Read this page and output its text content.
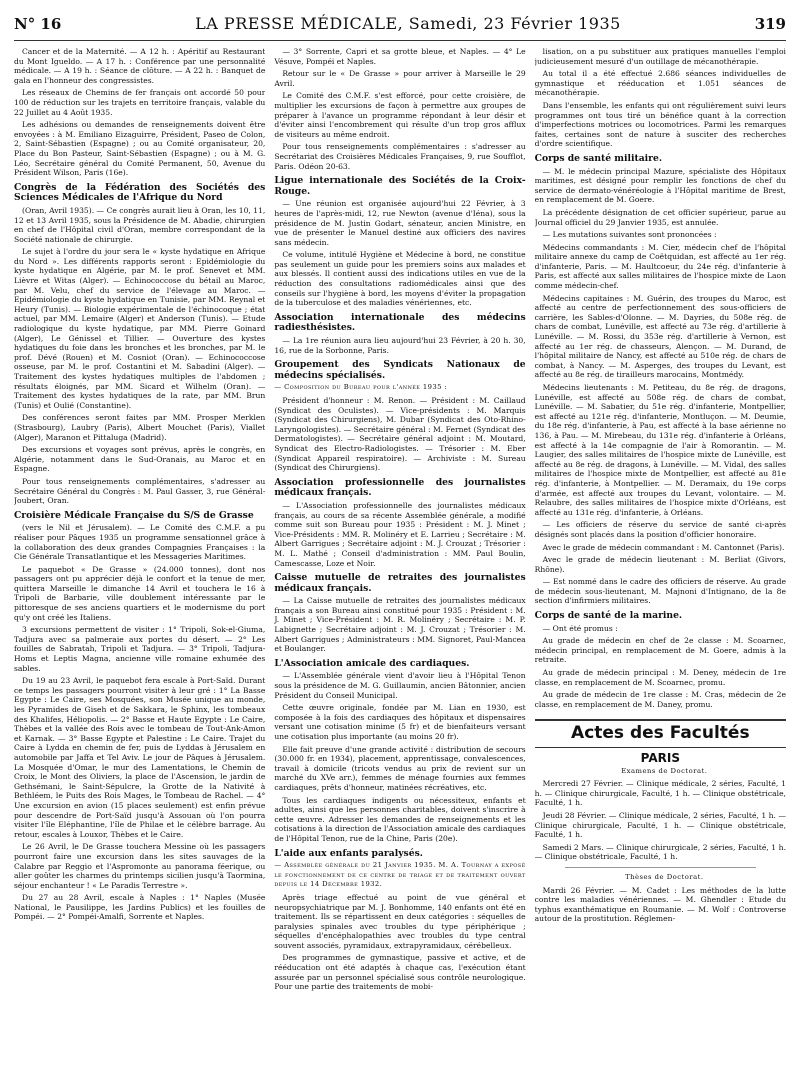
N° 16	LA PRESSE MÉDICALE, Samedi, 23 Février 1935	319

Cancer et de la Maternité. — A 12 h. : Apéritif au Restaurant du Mont Igueldo. — A 17 h. : Conférence par une personnalité médicale. — A 19 h. : Séance de clôture. — A 22 h. : Banquet de gala en l'honneur des congressistes.

Les réseaux de Chemins de fer français ont accordé 50 pour 100 de réduction sur les trajets en territoire français, valable du 22 Juillet au 4 Août 1935.

Les adhésions ou demandes de renseignements doivent être envoyées : à M. Emiliano Eizaguirre, Président, Paseo de Colon, 2, Saint-Sébastien (Espagne) ; ou au Comité organisateur, 20, Place du Bon Pasteur, Saint-Sébastien (Espagne) ; ou à M. G. Léo, Secrétaire général du Comité Permanent, 50, Avenue du Président Wilson, Paris (16e).

Congrès de la Fédération des Sociétés des Sciences Médicales de l'Afrique du Nord

(Oran, Avril 1935). — Ce congrès aurait lieu à Oran, les 10, 11, 12 et 13 Avril 1935, sous la Présidence de M. Abadie, chirurgien en chef de l'Hôpital civil d'Oran, membre correspondant de la Société nationale de chirurgie.

Le sujet à l'ordre du jour sera le « kyste hydatique en Afrique du Nord ». Les différents rapports seront : Epidémiologie du kyste hydatique en Algérie, par M. le prof. Senevet et MM. Lièvre et Witas (Alger). — Echinococcose du bétail au Maroc, par M. Velu, chef du service de l'élevage au Maroc. — Epidémiologie du kyste hydatique en Tunisie, par MM. Reynal et Heury (Tunis). — Biologie expérimentale de l'échinocoque ; état actuel, par MM. Lemaire (Alger) et Anderson (Tunis). — Etude radiologique du kyste hydatique, par MM. Pierre Goinard (Alger), Le Génissel et Tillier. — Ouverture des kystes hydatiques du foie dans les bronches et les bronches, par M. le prof. Dévé (Rouen) et M. Cosniot (Oran). — Echinococcose osseuse, par M. le prof. Costantini et M. Sabadini (Alger). — Traitement des kystes hydatiques multiples de l'abdomen ; résultats éloignés, par MM. Sicard et Wilhelm (Oran). — Traitement des kystes hydatiques de la rate, par MM. Brun (Tunis) et Oulié (Constantine).

Des conférences seront faites par MM. Prosper Merklen (Strasbourg), Laubry (Paris), Albert Mouchet (Paris), Viallet (Alger), Maranon et Pittaluga (Madrid).

Des excursions et voyages sont prévus, après le congrès, en Algérie, notamment dans le Sud-Oranais, au Maroc et en Espagne.

Pour tous renseignements complémentaires, s'adresser au Secrétaire Général du Congrès : M. Paul Gasser, 3, rue Général-Joubert, Oran.

Croisière Médicale Française du S/S de Grasse

(vers le Nil et Jérusalem). — Le Comité des C.M.F. a pu réaliser pour Pâques 1935 un programme sensationnel grâce à la collaboration des deux grandes Compagnies Françaises : la Cie Générale Transatlantique et les Messageries Maritimes.

Le paquebot « De Grasse » (24.000 tonnes), dont nos passagers ont pu apprécier déjà le confort et la tenue de mer, quittera Marseille le dimanche 14 Avril et touchera le 16 à Tripoli de Barbarie, ville doublement intéressante par le pittoresque de ses anciens quartiers et le modernisme du port qu'y ont créé les Italiens.

3 excursions permettent de visiter : 1° Tripoli, Sok-el-Giuma, Tadjura avec sa palmeraie aux portes du désert. — 2° Les fouilles de Sabratah, Tripoli et Tadjura. — 3° Tripoli, Tadjura-Homs et Leptis Magna, ancienne ville romaine exhumée des sables.

Du 19 au 23 Avril, le paquebot fera escale à Port-Saïd. Durant ce temps les passagers pourront visiter à leur gré : 1° La Basse Egypte : Le Caire, ses Mosquées, son Musée unique au monde, les Pyramides de Giseh et de Sakkara, le Sphinx, les tombeaux des Khalifes, Héliopolis. — 2° Basse et Haute Egypte : Le Caire, Thèbes et la vallée des Rois avec le tombeau de Tout-Ank-Amon et Karnak. — 3° Basse Egypte et Palestine : Le Caire. Trajet du Caire à Lydda en chemin de fer, puis de Lyddas à Jérusalem en automobile par Jaffa et Tel Aviv. Le jour de Pâques à Jérusalem. La Mosquée d'Omar, le mur des Lamentations, le Chemin de Croix, le Mont des Oliviers, la place de l'Ascension, le jardin de Gethsémani, le Saint-Sépulcre, la Grotte de la Nativité à Bethléem, le Puits des Rois Mages, le Tombeau de Rachel. — 4° Une excursion en avion (15 places seulement) est enfin prévue pour descendre de Port-Saïd jusqu'à Assouan où l'on pourra visiter l'île Eléphantine, l'île de Philae et le célèbre barrage. Au retour, escales à Louxor, Thèbes et le Caire.

Le 26 Avril, le De Grasse touchera Messine où les passagers pourront faire une excursion dans les sites sauvages de la Calabre par Reggio et l'Aspromonte au panorama féerique, ou aller goûter les charmes du printemps sicilien jusqu'à Taormina, séjour enchanteur ! « Le Paradis Terrestre ».

Du 27 au 28 Avril, escale à Naples : 1° Naples (Musée National, le Pausilippe, les Jardins Publics) et les fouilles de Pompéi. — 2° Pompéi-Amalfi, Sorrente et Naples.

— 3° Sorrente, Capri et sa grotte bleue, et Naples. — 4° Le Vésuve, Pompéi et Naples.

Retour sur le « De Grasse » pour arriver à Marseille le 29 Avril.

Le Comité des C.M.F. s'est efforcé, pour cette croisière, de multiplier les excursions de façon à permettre aux groupes de préparer à l'avance un programme répondant à leur désir et d'éviter ainsi l'encombrement qui résulte d'un trop gros afflux de visiteurs au même endroit.

Pour tous renseignements complémentaires : s'adresser au Secrétariat des Croisières Médicales Françaises, 9, rue Soufflot, Paris. Odéon 20-63.

Ligue internationale des Sociétés de la Croix-Rouge.

— Une réunion est organisée aujourd'hui 22 Février, à 3 heures de l'après-midi, 12, rue Newton (avenue d'Iéna), sous la présidence de M. Justin Godart, sénateur, ancien Ministre, en vue de présenter le Manuel destiné aux officiers des navires sans médecin.

Ce volume, intitulé Hygiène et Médecine à bord, ne constitue pas seulement un guide pour les premiers soins aux malades et aux blessés. Il contient aussi des indications utiles en vue de la réduction des consultations radiomédicales ainsi que des conseils sur l'hygiène à bord, les moyens d'éviter la propagation de la tuberculose et des maladies vénériennes, etc.

Association internationale des médecins radiesthésistes.

— La 1re réunion aura lieu aujourd'hui 23 Février, à 20 h. 30, 16, rue de la Sorbonne, Paris.

Groupement des Syndicats Nationaux de médecins spécialisés.

— Composition du Bureau pour l'année 1935 :

Président d'honneur : M. Renon. — Président : M. Caillaud (Syndicat des Oculistes). — Vice-présidents : M. Marquis (Syndicat des Chirurgiens), M. Dubar (Syndicat des Oto-Rhino-Laryngologistes). — Secrétaire général : M. Fernet (Syndicat des Dermatologistes). — Secrétaire général adjoint : M. Moutard, Syndicat des Electro-Radiologistes. — Trésorier : M. Eber (Syndicat Appareil respiratoire). — Archiviste : M. Sureau (Syndicat des Chirurgiens).

Association professionnelle des journalistes médicaux français.

— L'Association professionnelle des journalistes médicaux français, au cours de sa récente Assemblée générale, a modifié comme suit son Bureau pour 1935 : Président : M. J. Minet ; Vice-Présidents : MM. R. Molinéry et E. Larrieu ; Secrétaire : M. Albert Garrigues ; Secrétaire adjoint : M. J. Crouzat ; Trésorier : M. L. Mathé ; Conseil d'administration : MM. Paul Boulin, Camescasse, Loze et Noir.

Caisse mutuelle de retraites des journalistes médicaux français.

— La Caisse mutuelle de retraites des journalistes médicaux français a son Bureau ainsi constitué pour 1935 : Président : M. J. Minet ; Vice-Président : M. R. Molinéry ; Secrétaire : M. P. Labignette ; Secrétaire adjoint : M. J. Crouzat ; Trésorier : M. Albert Garrigues ; Administrateurs : MM. Signoret, Paul-Mancea et Boulanger.

L'Association amicale des cardiaques.

— L'Assemblée générale vient d'avoir lieu à l'Hôpital Tenon sous la présidence de M. G. Guillaumin, ancien Bâtonnier, ancien Président du Conseil Municipal.

Cette œuvre originale, fondée par M. Lian en 1930, est composée à la fois des cardiaques des hôpitaux et dispensaires versant une cotisation minime (5 fr) et de bienfaiteurs versant une cotisation plus importante (au moins 20 fr).

Elle fait preuve d'une grande activité : distribution de secours (30.000 fr. en 1934), placement, apprentissage, convalescences, travail à domicile (tricots vendus au prix de revient sur un marché du XVe arr.), femmes de ménage fournies aux femmes cardiaques, prêts d'honneur, matinées récréatives, etc.

Tous les cardiaques indigents ou nécessiteux, enfants et adultes, ainsi que les personnes charitables, doivent s'inscrire à cette œuvre. Adresser les demandes de renseignements et les cotisations à la direction de l'Association amicale des cardiaques de l'Hôpital Tenon, rue de la Chine, Paris (20e).

L'aide aux enfants paralysés.

— Assemblée générale du 21 Janvier 1935. M. A. Tournay a exposé le fonctionnement de ce centre de triage et de traitement ouvert depuis le 14 Décembre 1932.

Après triage effectué au point de vue général et neuropsychiatrique par M. J. Bonhomme, 140 enfants ont été en traitement. Ils se répartissent en deux catégories : séquelles de paralysies spinales avec troubles du type périphérique ; séquelles d'encéphalopathies avec troubles du type central souvent associés, pyramidaux, extrapyramidaux, cérébelleux.

Des programmes de gymnastique, passive et active, et de rééducation ont été adaptés à chaque cas, l'exécution étant assurée par un personnel spécialisé sous contrôle neurologique. Pour une partie des traitements de mobi-

lisation, on a pu substituer aux pratiques manuelles l'emploi judicieusement mesuré d'un outillage de mécanothérapie.

Au total il a été effectué 2.686 séances individuelles de gymnastique et rééducation et 1.051 séances de mécanothérapie.

Dans l'ensemble, les enfants qui ont régulièrement suivi leurs programmes ont tous tiré un bénéfice quant à la correction d'imperfections motrices ou locomotrices. Parmi les remarques faites, certaines sont de nature à susciter des recherches d'ordre scientifique.

Corps de santé militaire.

— M. le médecin principal Mazure, spécialiste des Hôpitaux maritimes, est désigné pour remplir les fonctions de chef du service de dermato-vénéréologie à l'Hôpital maritime de Brest, en remplacement de M. Goere.

La précédente désignation de cet officier supérieur, parue au Journal officiel du 29 Janvier 1935, est annulée.

— Les mutations suivantes sont prononcées :

Médecins commandants : M. Cier, médecin chef de l'hôpital militaire annexe du camp de Coëtquidan, est affecté au 1er rég. d'infanterie, Paris. — M. Haultcoeur, du 24e rég. d'infanterie à Paris, est affecté aux salles militaires de l'hospice mixte de Laon comme médecin-chef.

Médecins capitaines : M. Guérin, des troupes du Maroc, est affecté au centre de perfectionnement des sous-officiers de carrière, les Sables-d'Olonne. — M. Dayries, du 508e rég. de chars de combat, Lunéville, est affecté au 73e rég. d'artillerie à Lunéville. — M. Rossi, du 353e rég. d'artillerie à Vernon, est affecté au 1er rég. de chasseurs, Alençon. — M. Durand, de l'hôpital militaire de Nancy, est affecté au 510e rég. de chars de combat, à Nancy. — M. Asperges, des troupes du Levant, est affecté au 8e rég. de tirailleurs marocains, Montmédy.

Médecins lieutenants : M. Petiteau, du 8e rég. de dragons, Lunéville, est affecté au 508e rég. de chars de combat, Lunéville. — M. Sabatier, du 51e rég. d'infanterie, Montpellier, est affecté au 121e rég. d'infanterie, Montluçon. — M. Deumie, du 18e rég. d'infanterie, à Pau, est affecté à la base aérienne no 136, à Pau. — M. Mirebeau, du 131e rég. d'infanterie à Orléans, est affecté à la 14e compagnie de l'air à Romorantin. — M. Laugier, des salles militaires de l'hospice mixte de Lunéville, est affecté au 8e rég. de dragons, à Lunéville. — M. Vidal, des salles militaires de l'hospice mixte de Montpellier, est affecté au 81e rég. d'infanterie, à Montpellier. — M. Deramaix, du 19e corps d'armée, est affecté aux troupes du Levant, volontaire. — M. Relaubre, des salles militaires de l'hospice mixte d'Orléans, est affecté au 131e rég. d'infanterie, à Orléans.

— Les officiers de réserve du service de santé ci-après désignés sont placés dans la position d'officier honoraire.

Avec le grade de médecin commandant : M. Cantonnet (Paris).

Avec le grade de médecin lieutenant : M. Berliat (Givors, Rhône).

— Est nommé dans le cadre des officiers de réserve. Au grade de médecin sous-lieutenant, M. Majnoni d'Intignano, de la 8e section d'infirmiers militaires.

Corps de santé de la marine.

— Ont été promus :

Au grade de médecin en chef de 2e classe : M. Scoarnec, médecin principal, en remplacement de M. Goere, admis à la retraite.

Au grade de médecin principal : M. Deney, médecin de 1re classe, en remplacement de M. Scoarnec, promu.

Au grade de médecin de 1re classe : M. Cras, médecin de 2e classe, en remplacement de M. Daney, promu.

Actes des Facultés
PARIS

Examens de Doctorat.

Mercredi 27 Février. — Clinique médicale, 2 séries, Faculté, 1 h. — Clinique chirurgicale, Faculté, 1 h. — Clinique obstétricale, Faculté, 1 h.

Jeudi 28 Février. — Clinique médicale, 2 séries, Faculté, 1 h. — Clinique chirurgicale, Faculté, 1 h. — Clinique obstétricale, Faculté, 1 h.

Samedi 2 Mars. — Clinique chirurgicale, 2 séries, Faculté, 1 h. — Clinique obstétricale, Faculté, 1 h.

Thèses de Doctorat.

Mardi 26 Février. — M. Cadet : Les méthodes de la lutte contre les maladies vénériennes. — M. Ghendler : Etude du typhus exanthématique en Roumanie. — M. Wolf : Controverse autour de la prostitution. Réglemen-
